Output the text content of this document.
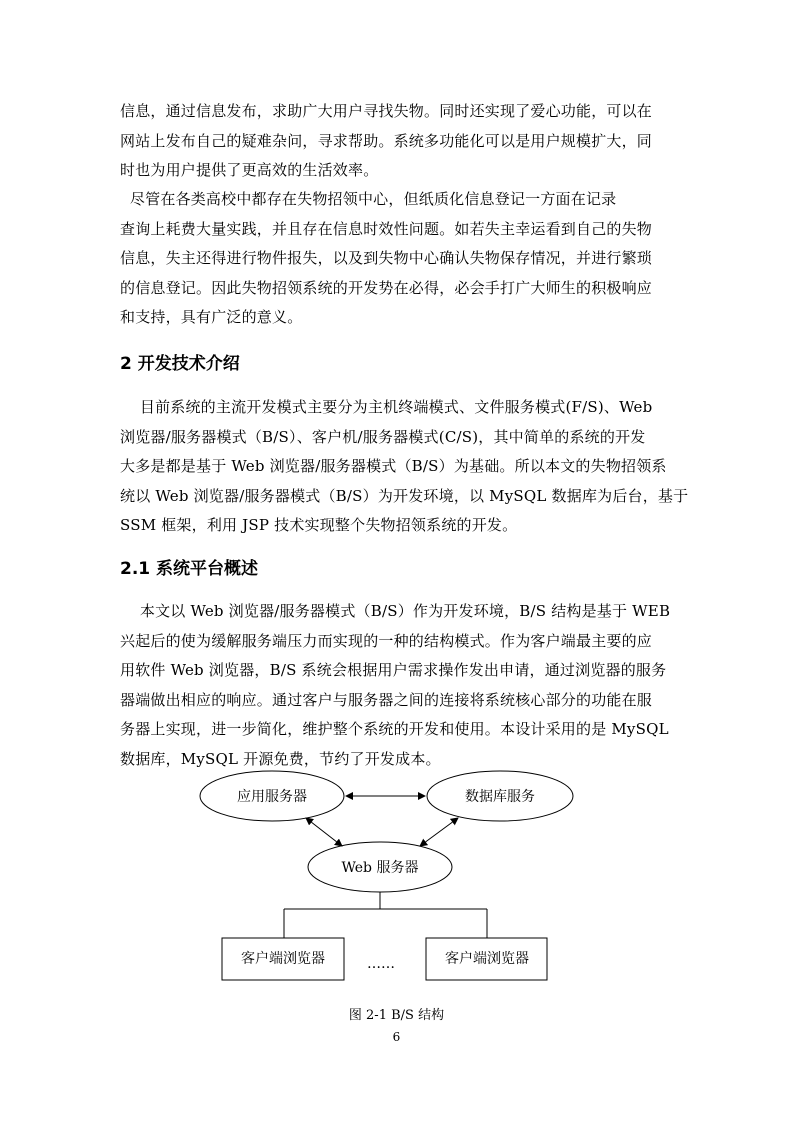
信息，通过信息发布，求助广大用户寻找失物。同时还实现了爱心功能，可以在
网站上发布自己的疑难杂问，寻求帮助。系统多功能化可以是用户规模扩大，同
时也为用户提供了更高效的生活效率。
尽管在各类高校中都存在失物招领中心，但纸质化信息登记一方面在记录
查询上耗费大量实践，并且存在信息时效性问题。如若失主幸运看到自己的失物
信息，失主还得进行物件报失，以及到失物中心确认失物保存情况，并进行繁琐
的信息登记。因此失物招领系统的开发势在必得，必会手打广大师生的积极响应
和支持，具有广泛的意义。
2 开发技术介绍
目前系统的主流开发模式主要分为主机终端模式、文件服务模式(F/S)、Web
浏览器/服务器模式（B/S）、客户机/服务器模式(C/S)，其中简单的系统的开发
大多是都是基于 Web 浏览器/服务器模式（B/S）为基础。所以本文的失物招领系
统以 Web 浏览器/服务器模式（B/S）为开发环境，以 MySQL 数据库为后台，基于
SSM 框架，利用 JSP 技术实现整个失物招领系统的开发。
2.1 系统平台概述
本文以 Web 浏览器/服务器模式（B/S）作为开发环境，B/S 结构是基于 WEB
兴起后的使为缓解服务端压力而实现的一种的结构模式。作为客户端最主要的应
用软件 Web 浏览器，B/S 系统会根据用户需求操作发出申请，通过浏览器的服务
器端做出相应的响应。通过客户与服务器之间的连接将系统核心部分的功能在服
务器上实现，进一步简化，维护整个系统的开发和使用。本设计采用的是 MySQL
数据库，MySQL 开源免费，节约了开发成本。
应用服务器	数据库服务
Web 服务器
客户端浏览器	客户端浏览器
……
图 2-1 B/S 结构
6
